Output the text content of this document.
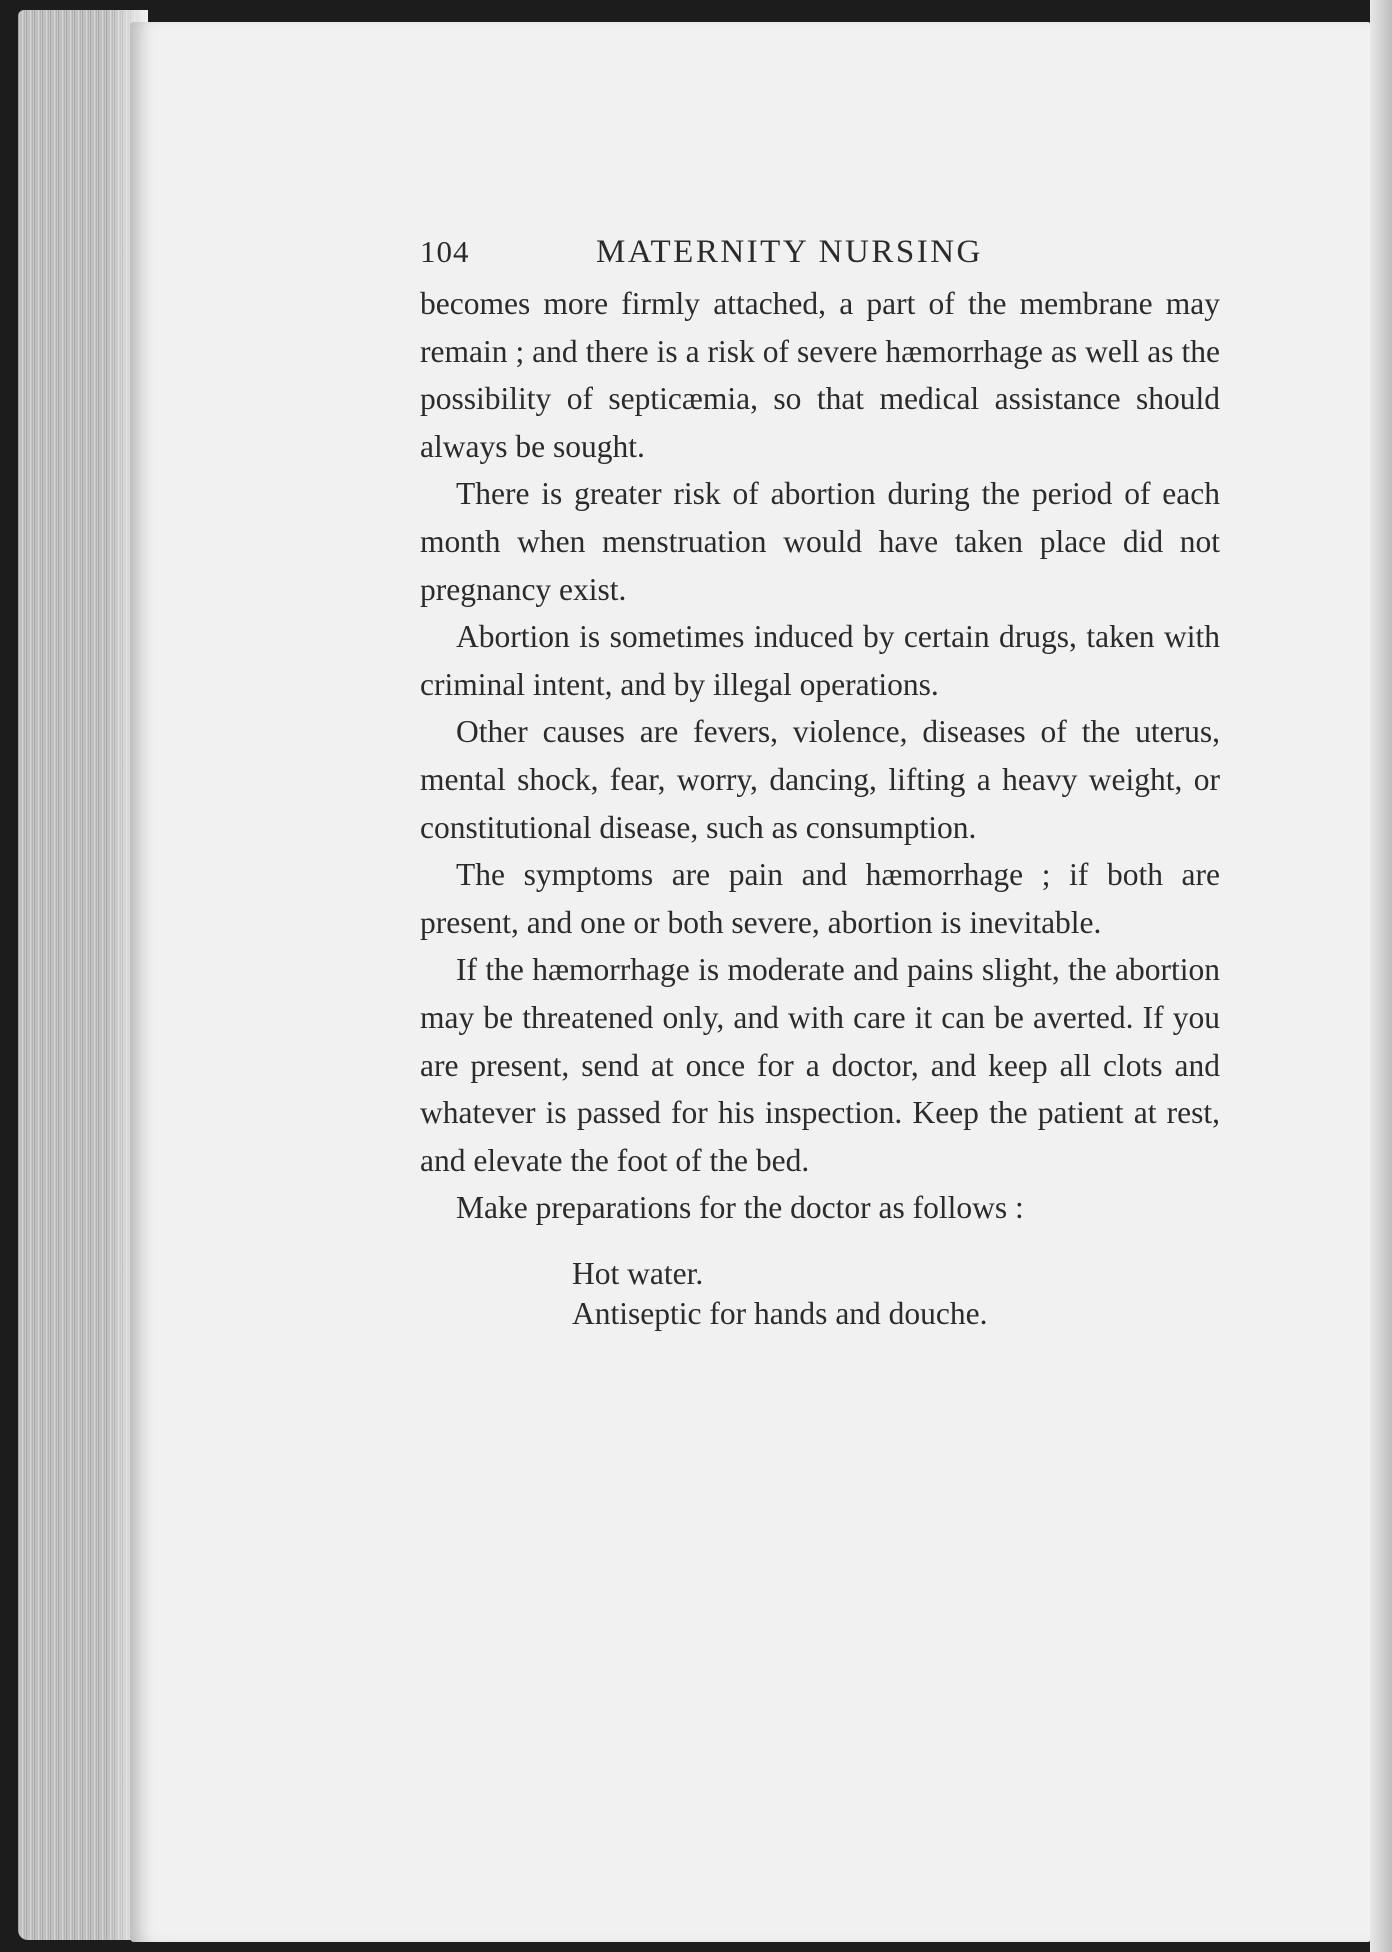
104	MATERNITY NURSING

becomes more firmly attached, a part of the membrane may remain ; and there is a risk of severe hæmorrhage as well as the possibility of septicæmia, so that medical assistance should always be sought.

There is greater risk of abortion during the period of each month when menstruation would have taken place did not pregnancy exist.

Abortion is sometimes induced by certain drugs, taken with criminal intent, and by illegal operations.

Other causes are fevers, violence, diseases of the uterus, mental shock, fear, worry, dancing, lifting a heavy weight, or constitutional disease, such as consumption.

The symptoms are pain and hæmorrhage ; if both are present, and one or both severe, abortion is inevitable.

If the hæmorrhage is moderate and pains slight, the abortion may be threatened only, and with care it can be averted. If you are present, send at once for a doctor, and keep all clots and whatever is passed for his inspection. Keep the patient at rest, and elevate the foot of the bed.

Make preparations for the doctor as follows :

Hot water.
Antiseptic for hands and douche.
